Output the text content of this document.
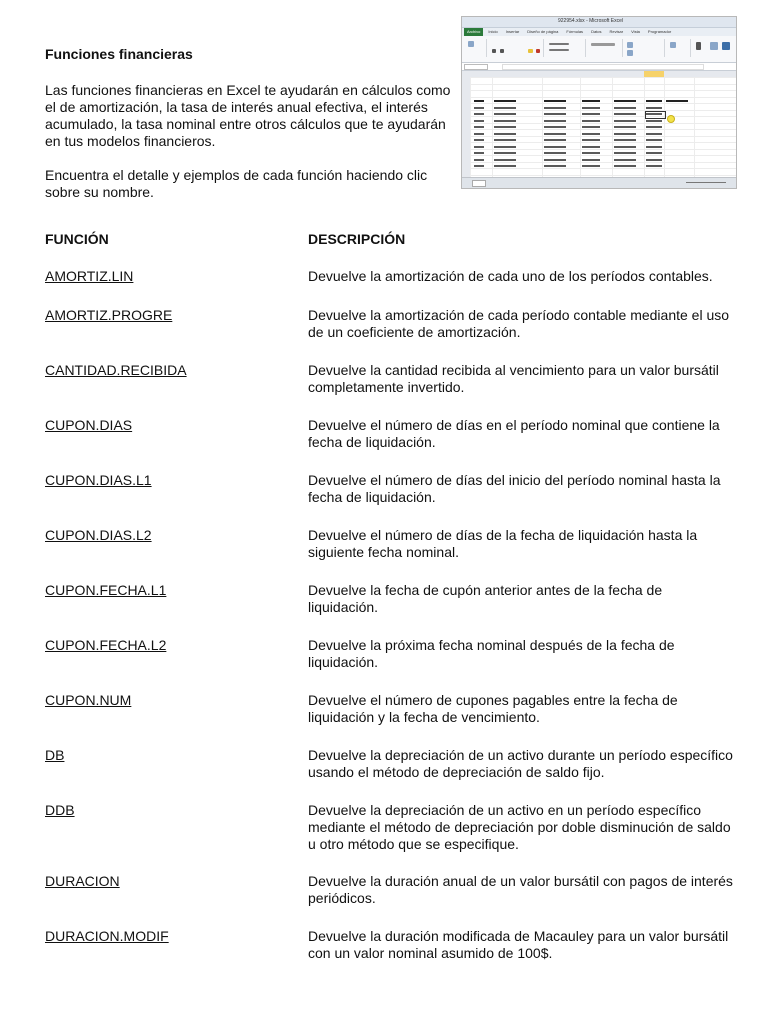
Funciones financieras
Las funciones financieras en Excel te ayudarán en cálculos como el de amortización, la tasa de interés anual efectiva, el interés acumulado, la tasa nominal entre otros cálculos que te ayudarán en tus modelos financieros.
Encuentra el detalle y ejemplos de cada función haciendo clic sobre su nombre.
922954.xlsx - Microsoft Excel
Archivo	Inicio	Insertar	Diseño de página	Fórmulas	Datos	Revisar	Vista	Programador
FUNCIÓN	DESCRIPCIÓN
AMORTIZ.LIN	Devuelve la amortización de cada uno de los períodos contables.
AMORTIZ.PROGRE	Devuelve la amortización de cada período contable mediante el uso de un coeficiente de amortización.
CANTIDAD.RECIBIDA	Devuelve la cantidad recibida al vencimiento para un valor bursátil completamente invertido.
CUPON.DIAS	Devuelve el número de días en el período nominal que contiene la fecha de liquidación.
CUPON.DIAS.L1	Devuelve el número de días del inicio del período nominal hasta la fecha de liquidación.
CUPON.DIAS.L2	Devuelve el número de días de la fecha de liquidación hasta la siguiente fecha nominal.
CUPON.FECHA.L1	Devuelve la fecha de cupón anterior antes de la fecha de liquidación.
CUPON.FECHA.L2	Devuelve la próxima fecha nominal después de la fecha de liquidación.
CUPON.NUM	Devuelve el número de cupones pagables entre la fecha de liquidación y la fecha de vencimiento.
DB	Devuelve la depreciación de un activo durante un período específico usando el método de depreciación de saldo fijo.
DDB	Devuelve la depreciación de un activo en un período específico mediante el método de depreciación por doble disminución de saldo u otro método que se especifique.
DURACION	Devuelve la duración anual de un valor bursátil con pagos de interés periódicos.
DURACION.MODIF	Devuelve la duración modificada de Macauley para un valor bursátil con un valor nominal asumido de 100$.
